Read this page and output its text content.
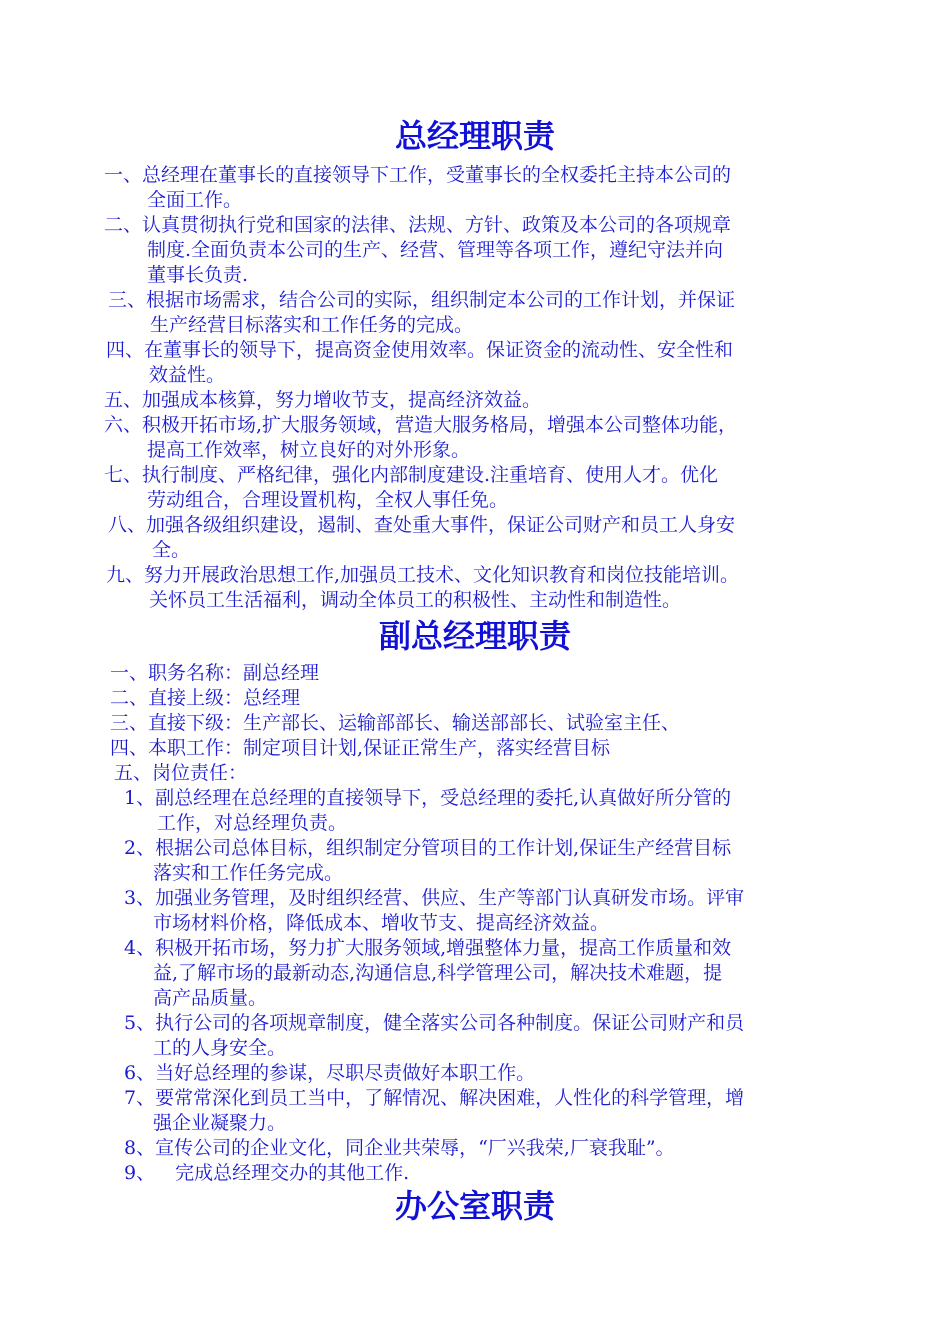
总经理职责
一、总经理在董事长的直接领导下工作，受董事长的全权委托主持本公司的
全面工作。
二、认真贯彻执行党和国家的法律、法规、方针、政策及本公司的各项规章
制度.全面负责本公司的生产、经营、管理等各项工作，遵纪守法并向
董事长负责.
三、根据市场需求，结合公司的实际，组织制定本公司的工作计划，并保证
生产经营目标落实和工作任务的完成。
四、在董事长的领导下，提高资金使用效率。保证资金的流动性、安全性和
效益性。
五、加强成本核算，努力增收节支，提高经济效益。
六、积极开拓市场,扩大服务领域，营造大服务格局，增强本公司整体功能，
提高工作效率，树立良好的对外形象。
七、执行制度、严格纪律，强化内部制度建设.注重培育、使用人才。优化
劳动组合，合理设置机构，全权人事任免。
八、加强各级组织建设，遏制、查处重大事件，保证公司财产和员工人身安
全。
九、努力开展政治思想工作,加强员工技术、文化知识教育和岗位技能培训。
关怀员工生活福利，调动全体员工的积极性、主动性和制造性。
副总经理职责
一、职务名称：副总经理
二、直接上级：总经理
三、直接下级：生产部长、运输部部长、输送部部长、试验室主任、
四、本职工作：制定项目计划,保证正常生产，落实经营目标
五、岗位责任：
1、副总经理在总经理的直接领导下，受总经理的委托,认真做好所分管的
工作，对总经理负责。
2、根据公司总体目标，组织制定分管项目的工作计划,保证生产经营目标
落实和工作任务完成。
3、加强业务管理，及时组织经营、供应、生产等部门认真研发市场。评审
市场材料价格，降低成本、增收节支、提高经济效益。
4、积极开拓市场，努力扩大服务领域,增强整体力量，提高工作质量和效
益,了解市场的最新动态,沟通信息,科学管理公司，解决技术难题，提
高产品质量。
5、执行公司的各项规章制度，健全落实公司各种制度。保证公司财产和员
工的人身安全。
6、当好总经理的参谋，尽职尽责做好本职工作。
7、要常常深化到员工当中，了解情况、解决困难，人性化的科学管理，增
强企业凝聚力。
8、宣传公司的企业文化，同企业共荣辱，“厂兴我荣,厂衰我耻”。
9、 完成总经理交办的其他工作.
办公室职责
